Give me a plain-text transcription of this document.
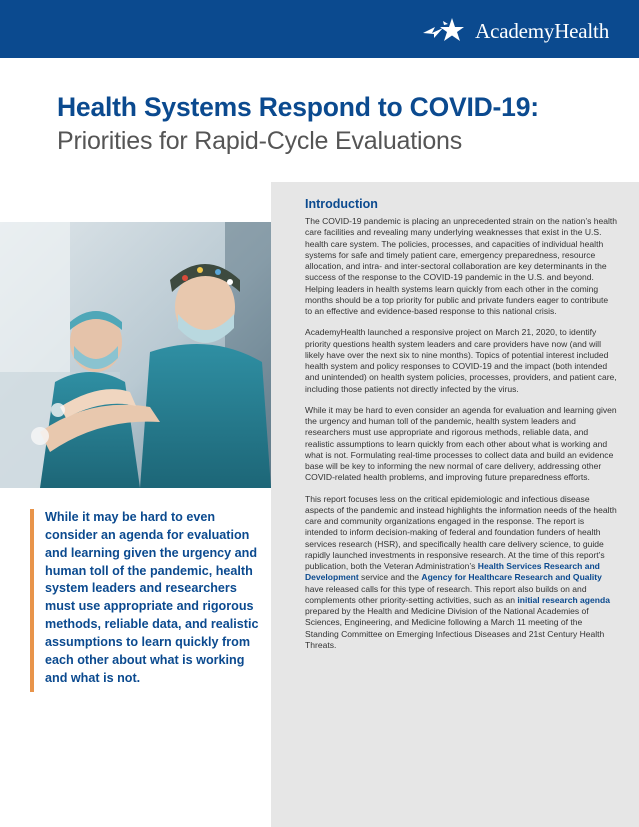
AcademyHealth
Health Systems Respond to COVID-19:
Priorities for Rapid-Cycle Evaluations

While it may be hard to even consider an agenda for evaluation and learning given the urgency and human toll of the pandemic, health system leaders and researchers must use appropriate and rigorous methods, reliable data, and realistic assumptions to learn quickly from each other about what is working and what is not.

Introduction

The COVID-19 pandemic is placing an unprecedented strain on the nation’s health care facilities and revealing many underlying weaknesses that exist in the U.S. health care system. The policies, processes, and capacities of individual health systems for safe and timely patient care, emergency preparedness, resource allocation, and intra- and inter-sectoral collaboration are key determinants in the success of the response to the COVID-19 pandemic in the U.S. and beyond. Helping leaders in health systems learn quickly from each other in the coming months should be a top priority for public and private funders eager to contribute to an effective and evidence-based response to this national crisis.

AcademyHealth launched a responsive project on March 21, 2020, to identify priority questions health system leaders and care providers have now (and will likely have over the next six to nine months). Topics of potential interest included health system and policy responses to COVID-19 and the impact (both intended and unintended) on health system policies, processes, providers, and patient care, including those patients not directly infected by the virus.

While it may be hard to even consider an agenda for evaluation and learning given the urgency and human toll of the pandemic, health system leaders and researchers must use appropriate and rigorous methods, reliable data, and realistic assumptions to learn quickly from each other about what is working and what is not. Formulating real-time processes to collect data and build an evidence base will be key to informing the new normal of care delivery, addressing other COVID-related health problems, and improving future preparedness efforts.

This report focuses less on the critical epidemiologic and infectious disease aspects of the pandemic and instead highlights the information needs of the health care and community organizations engaged in the response. The report is intended to inform decision-making of federal and foundation funders of health services research (HSR), and specifically health care delivery science, to guide rapidly launched investments in responsive research. At the time of this report’s publication, both the Veteran Administration’s Health Services Research and Development service and the Agency for Healthcare Research and Quality have released calls for this type of research. This report also builds on and complements other priority-setting activities, such as an initial research agenda prepared by the Health and Medicine Division of the National Academies of Sciences, Engineering, and Medicine following a March 11 meeting of the Standing Committee on Emerging Infectious Diseases and 21st Century Health Threats.
